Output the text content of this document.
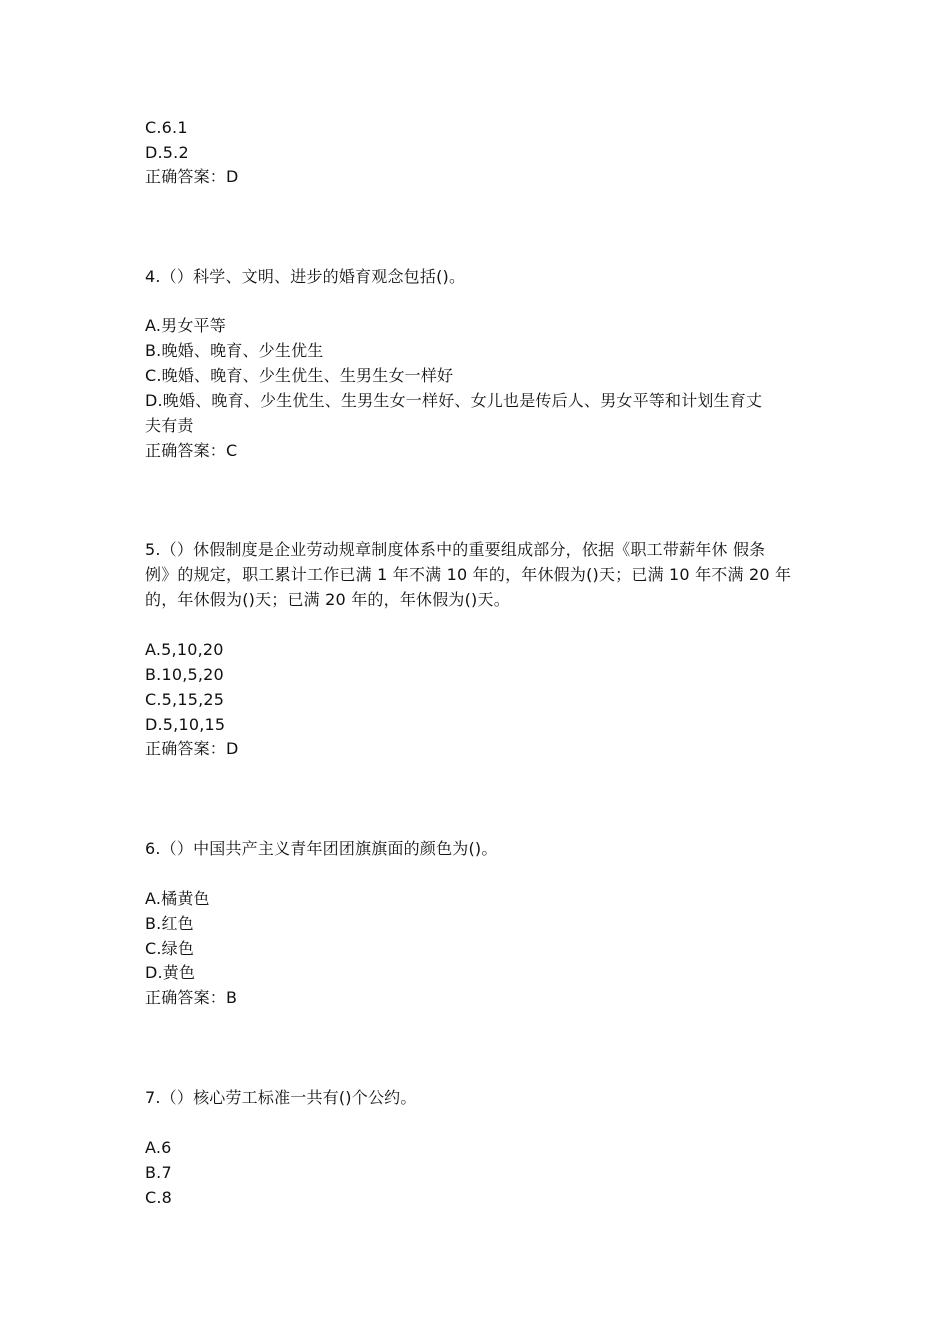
C.6.1
D.5.2
正确答案：D
4.（）科学、文明、进步的婚育观念包括()。
A.男女平等
B.晚婚、晚育、少生优生
C.晚婚、晚育、少生优生、生男生女一样好
D.晚婚、晚育、少生优生、生男生女一样好、女儿也是传后人、男女平等和计划生育丈
夫有责
正确答案：C
5.（）休假制度是企业劳动规章制度体系中的重要组成部分，依据《职工带薪年休 假条
例》的规定，职工累计工作已满 1 年不满 10 年的，年休假为()天；已满 10 年不满 20 年
的，年休假为()天；已满 20 年的，年休假为()天。
A.5,10,20
B.10,5,20
C.5,15,25
D.5,10,15
正确答案：D
6.（）中国共产主义青年团团旗旗面的颜色为()。
A.橘黄色
B.红色
C.绿色
D.黄色
正确答案：B
7.（）核心劳工标准一共有()个公约。
A.6
B.7
C.8
